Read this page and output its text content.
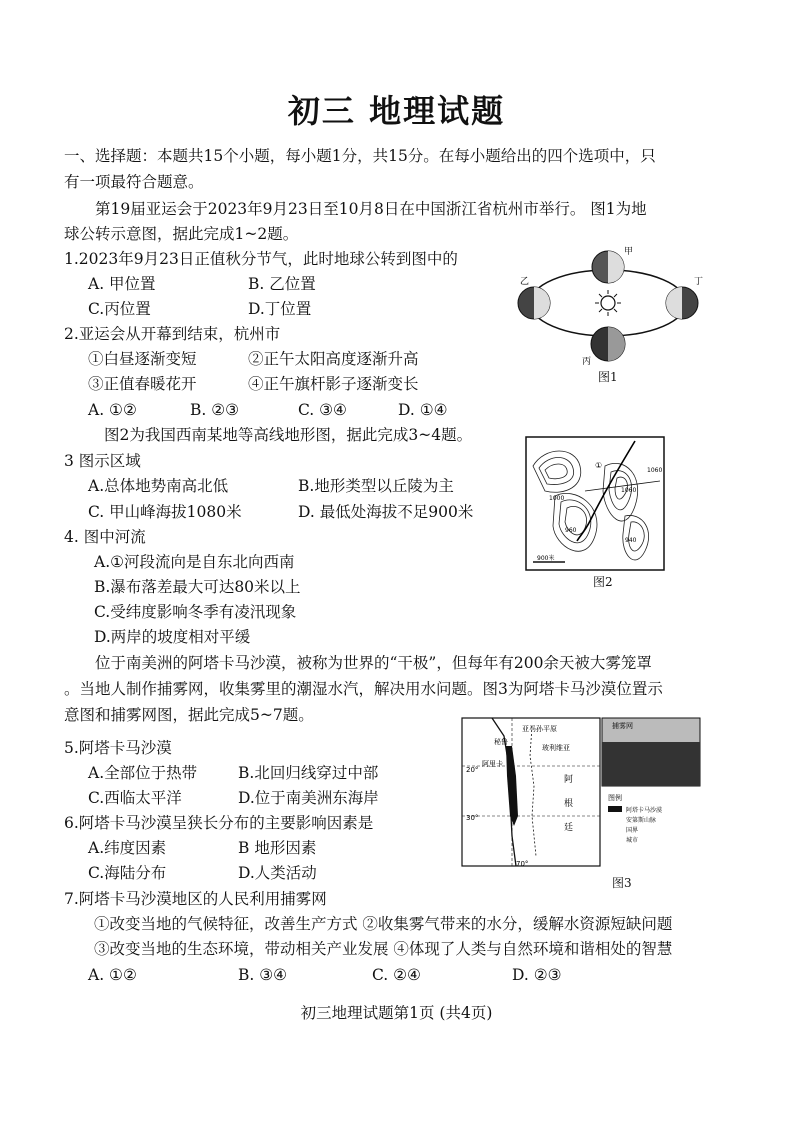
初三 地理试题
一、选择题：本题共15个小题，每小题1分，共15分。在每小题给出的四个选项中，只
有一项最符合题意。
第19届亚运会于2023年9月23日至10月8日在中国浙江省杭州市举行。 图1为地
球公转示意图，据此完成1~2题。
1.2023年9月23日正值秋分节气，此时地球公转到图中的
A. 甲位置	B. 乙位置
C.丙位置	D.丁位置
2.亚运会从开幕到结束，杭州市
①白昼逐渐变短	②正午太阳高度逐渐升高
③正值春暖花开	④正午旗杆影子逐渐变长
A. ①②	B. ②③	C. ③④	D. ①④
图2为我国西南某地等高线地形图，据此完成3~4题。
3 图示区域
A.总体地势南高北低	B.地形类型以丘陵为主
C. 甲山峰海拔1080米	D. 最低处海拔不足900米
4. 图中河流
A.①河段流向是自东北向西南
B.瀑布落差最大可达80米以上
C.受纬度影响冬季有凌汛现象
D.两岸的坡度相对平缓
位于南美洲的阿塔卡马沙漠，被称为世界的“干极”，但每年有200余天被大雾笼罩
。当地人制作捕雾网，收集雾里的潮湿水汽，解决用水问题。图3为阿塔卡马沙漠位置示
意图和捕雾网图，据此完成5~7题。
5.阿塔卡马沙漠
A.全部位于热带	B.北回归线穿过中部
C.西临太平洋	D.位于南美洲东海岸
6.阿塔卡马沙漠呈狭长分布的主要影响因素是
A.纬度因素	B 地形因素
C.海陆分布	D.人类活动
7.阿塔卡马沙漠地区的人民利用捕雾网
①改变当地的气候特征，改善生产方式 ②收集雾气带来的水分，缓解水资源短缺问题
③改变当地的生态环境，带动相关产业发展 ④体现了人类与自然环境和谐相处的智慧
A. ①②	B. ③④	C. ②④	D. ②③
初三地理试题第1页 (共4页)
甲
乙
丙
丁
图1
①
1060
1000
960
1060
940
900米
图2
亚马孙平原
秘鲁
玻利维亚
阿里卡
20°
30°
70°
阿
根
廷
捕雾网
图例
阿塔卡马沙漠
安第斯山脉
国界
城市
图3
